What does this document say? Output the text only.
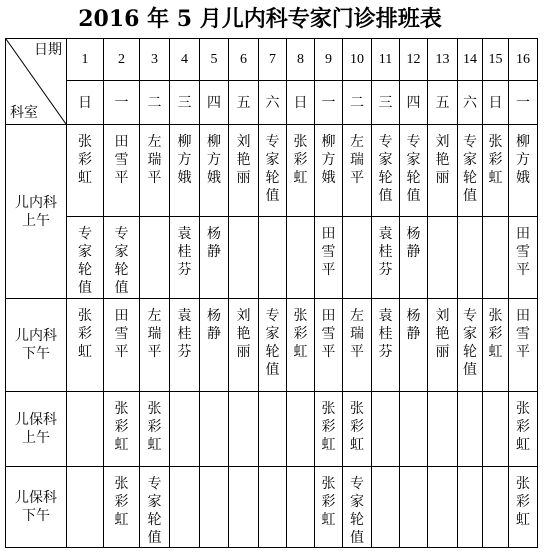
2016 年 5 月儿内科专家门诊排班表
日期
科室	1	2	3	4	5	6	7	8	9	10	11	12	13	14	15	16
	日	一	二	三	四	五	六	日	一	二	三	四	五	六	日	一
儿内科
上午	张彩虹	田雪平	左瑞平	柳方娥	柳方娥	刘艳丽	专家轮值	张彩虹	柳方娥	左瑞平	专家轮值	专家轮值	刘艳丽	专家轮值	张彩虹	柳方娥
	专家轮值	专家轮值		袁桂芬	杨静				田雪平		袁桂芬	杨静				田雪平
儿内科
下午	张彩虹	田雪平	左瑞平	袁桂芬	杨静	刘艳丽	专家轮值	张彩虹	田雪平	左瑞平	袁桂芬	杨静	刘艳丽	专家轮值	张彩虹	田雪平
儿保科
上午		张彩虹	张彩虹						张彩虹	张彩虹						张彩虹
儿保科
下午		张彩虹	专家轮值						张彩虹	专家轮值						张彩虹
